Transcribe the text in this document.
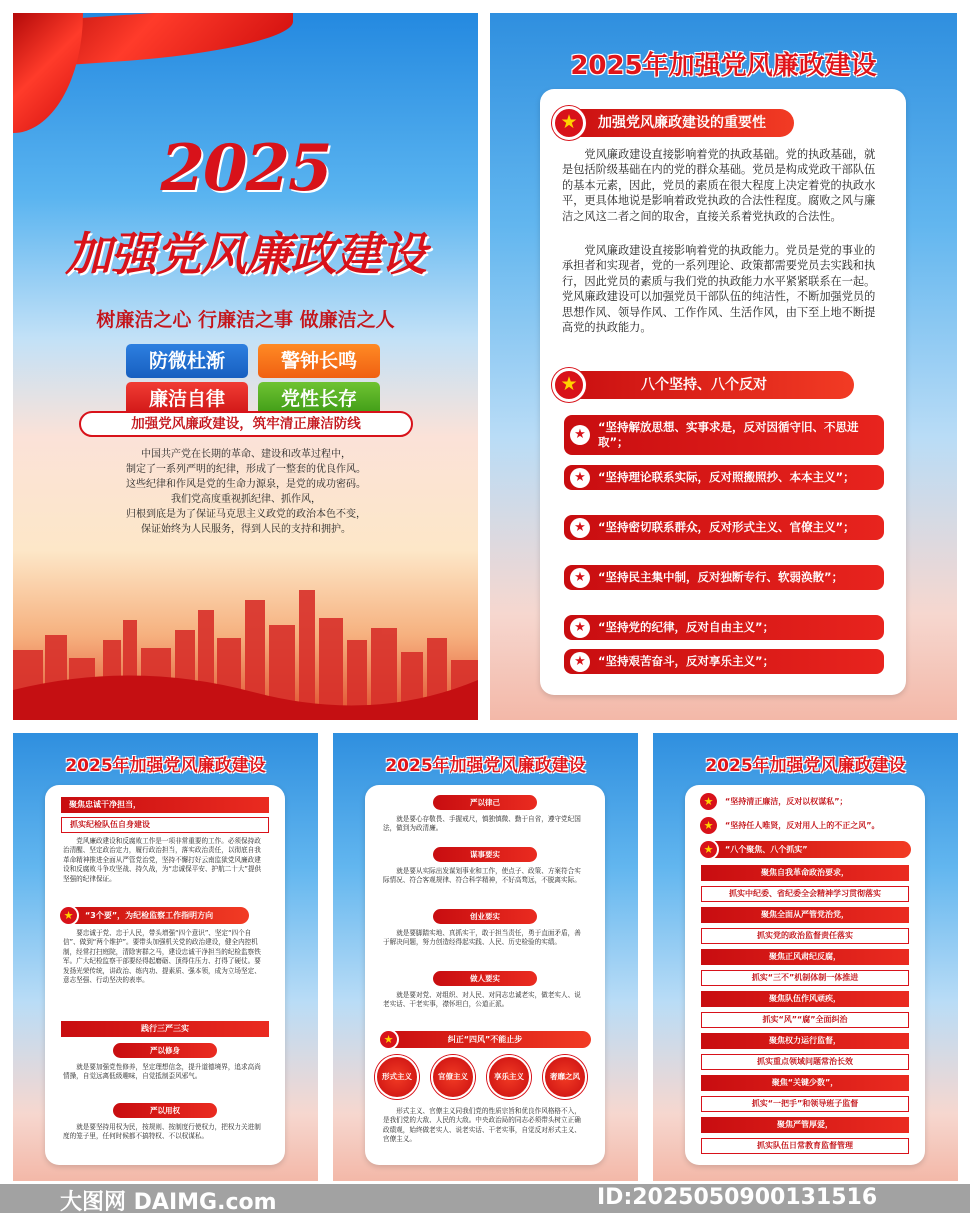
2025
加强党风廉政建设
树廉洁之心 行廉洁之事 做廉洁之人
防微杜渐	警钟长鸣
廉洁自律	党性长存
加强党风廉政建设，筑牢清正廉洁防线
中国共产党在长期的革命、建设和改革过程中，
制定了一系列严明的纪律，形成了一整套的优良作风。
这些纪律和作风是党的生命力源泉，是党的成功密码。
我们党高度重视抓纪律、抓作风，
归根到底是为了保证马克思主义政党的政治本色不变，
保证始终为人民服务，得到人民的支持和拥护。
2025年加强党风廉政建设
★	加强党风廉政建设的重要性
党风廉政建设直接影响着党的执政基础。党的执政基础，就是包括阶级基础在内的党的群众基础。党员是构成党政干部队伍的基本元素，因此，党员的素质在很大程度上决定着党的执政水平，更具体地说是影响着政党执政的合法性程度。腐败之风与廉洁之风这二者之间的取舍，直接关系着党执政的合法性。
党风廉政建设直接影响着党的执政能力。党员是党的事业的承担者和实现者，党的一系列理论、政策都需要党员去实践和执行，因此党员的素质与我们党的执政能力水平紧紧联系在一起。党风廉政建设可以加强党员干部队伍的纯洁性，不断加强党员的思想作风、领导作风、工作作风、生活作风，由下至上地不断提高党的执政能力。
★	八个坚持、八个反对
★	“坚持解放思想、实事求是，反对因循守旧、不思进取”；
★	“坚持理论联系实际，反对照搬照抄、本本主义”；
★	“坚持密切联系群众，反对形式主义、官僚主义”；
★	“坚持民主集中制，反对独断专行、软弱涣散”；
★	“坚持党的纪律，反对自由主义”；
★	“坚持艰苦奋斗，反对享乐主义”；
2025年加强党风廉政建设
聚焦忠诚干净担当，
抓实纪检队伍自身建设
党风廉政建设和反腐败工作是一项非常重要的工作。必须保持政治清醒、坚定政治定力，履行政治担当，落实政治责任，以彻底自我革命精神推进全面从严管党治党，坚持不懈打好云南监狱党风廉政建设和反腐败斗争攻坚战、持久战，为“忠诚保平安、护航二十大”提供坚强的纪律保证。
★	“3个要”，为纪检监察工作指明方向
要忠诚于党、忠于人民，带头增强“四个意识”、坚定“四个自信”、做到“两个维护”。要带头加强机关党的政治建设，健全内控机制，经常打扫庭院，清除害群之马，建设忠诚干净担当的纪检监察铁军。广大纪检监察干部要经得起磨砺、顶得住压力、打得了硬仗。要发扬光荣传统，讲政治、练内功、提素质、强本领，成为立场坚定、意志坚强、行动坚决的表率。
践行三严三实
严以修身
就是要加强党性修养，坚定理想信念，提升道德境界，追求高尚情操，自觉远离低级趣味，自觉抵制歪风邪气。
严以用权
就是要坚持用权为民，按规则、按制度行使权力，把权力关进制度的笼子里，任何时候都不搞特权、不以权谋私。
2025年加强党风廉政建设
严以律己
就是要心存敬畏、手握戒尺，慎独慎微、勤于自省，遵守党纪国法，做到为政清廉。
谋事要实
就是要从实际出发谋划事业和工作，使点子、政策、方案符合实际情况、符合客观规律、符合科学精神，不好高骛远，不脱离实际。
创业要实
就是要脚踏实地、真抓实干，敢于担当责任，勇于直面矛盾，善于解决问题，努力创造经得起实践、人民、历史检验的实绩。
做人要实
就是要对党、对组织、对人民、对同志忠诚老实，做老实人、说老实话、干老实事，襟怀坦白，公道正派。
★	纠正“四风”不能止步
形式主义	官僚主义	享乐主义	奢靡之风
形式主义、官僚主义同我们党的性质宗旨和优良作风格格不入，是我们党的大敌、人民的大敌。中央政治局的同志必须带头树立正确政绩观，始终做老实人、说老实话、干老实事，自觉反对形式主义、官僚主义。
2025年加强党风廉政建设
★	“坚持清正廉洁，反对以权谋私”；
★	“坚持任人唯贤，反对用人上的不正之风”。
★	“八个聚焦、八个抓实”
聚焦自我革命政治要求，
抓实中纪委、省纪委全会精神学习贯彻落实
聚焦全面从严管党治党，
抓实党的政治监督责任落实
聚焦正风肃纪反腐，
抓实“三不”机制体制一体推进
聚焦队伍作风顽疾，
抓实“风”“腐”全面纠治
聚焦权力运行监督，
抓实重点领域问题常治长效
聚焦“关键少数”，
抓实“一把手”和领导班子监督
聚焦严管厚爱，
抓实队伍日常教育监督管理
大图网 DAIMG.com	ID:2025050900131516
